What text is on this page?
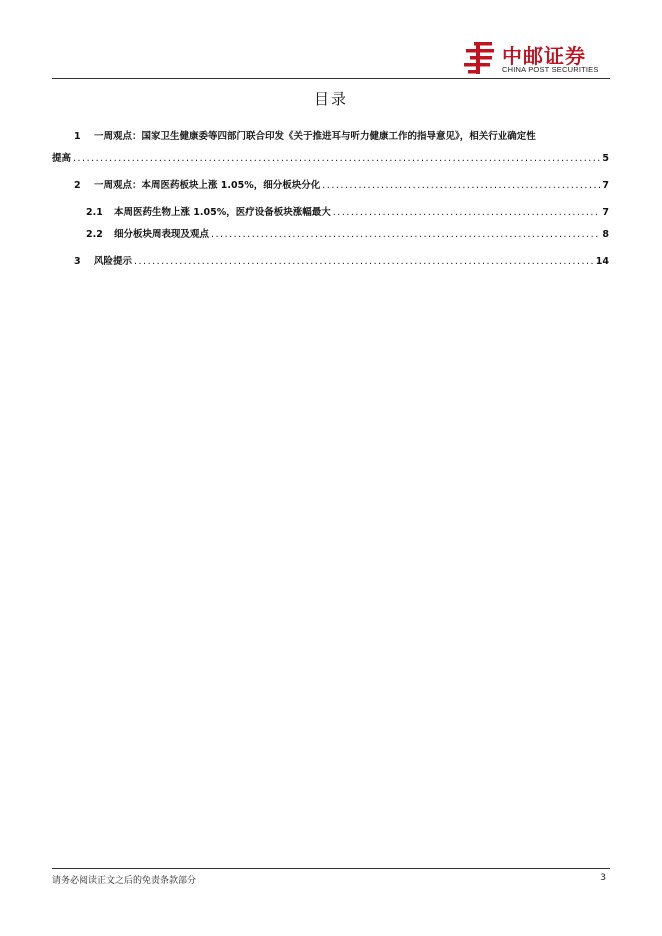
中邮证券
CHINA POST SECURITIES
目录
1	一周观点：国家卫生健康委等四部门联合印发《关于推进耳与听力健康工作的指导意见》，相关行业确定性
提高 .....	5
2	一周观点：本周医药板块上涨 1.05%，细分板块分化 .....	7
2.1	本周医药生物上涨 1.05%，医疗设备板块涨幅最大 .....	7
2.2	细分板块周表现及观点 .....	8
3	风险提示 .....	14
请务必阅读正文之后的免责条款部分	3
